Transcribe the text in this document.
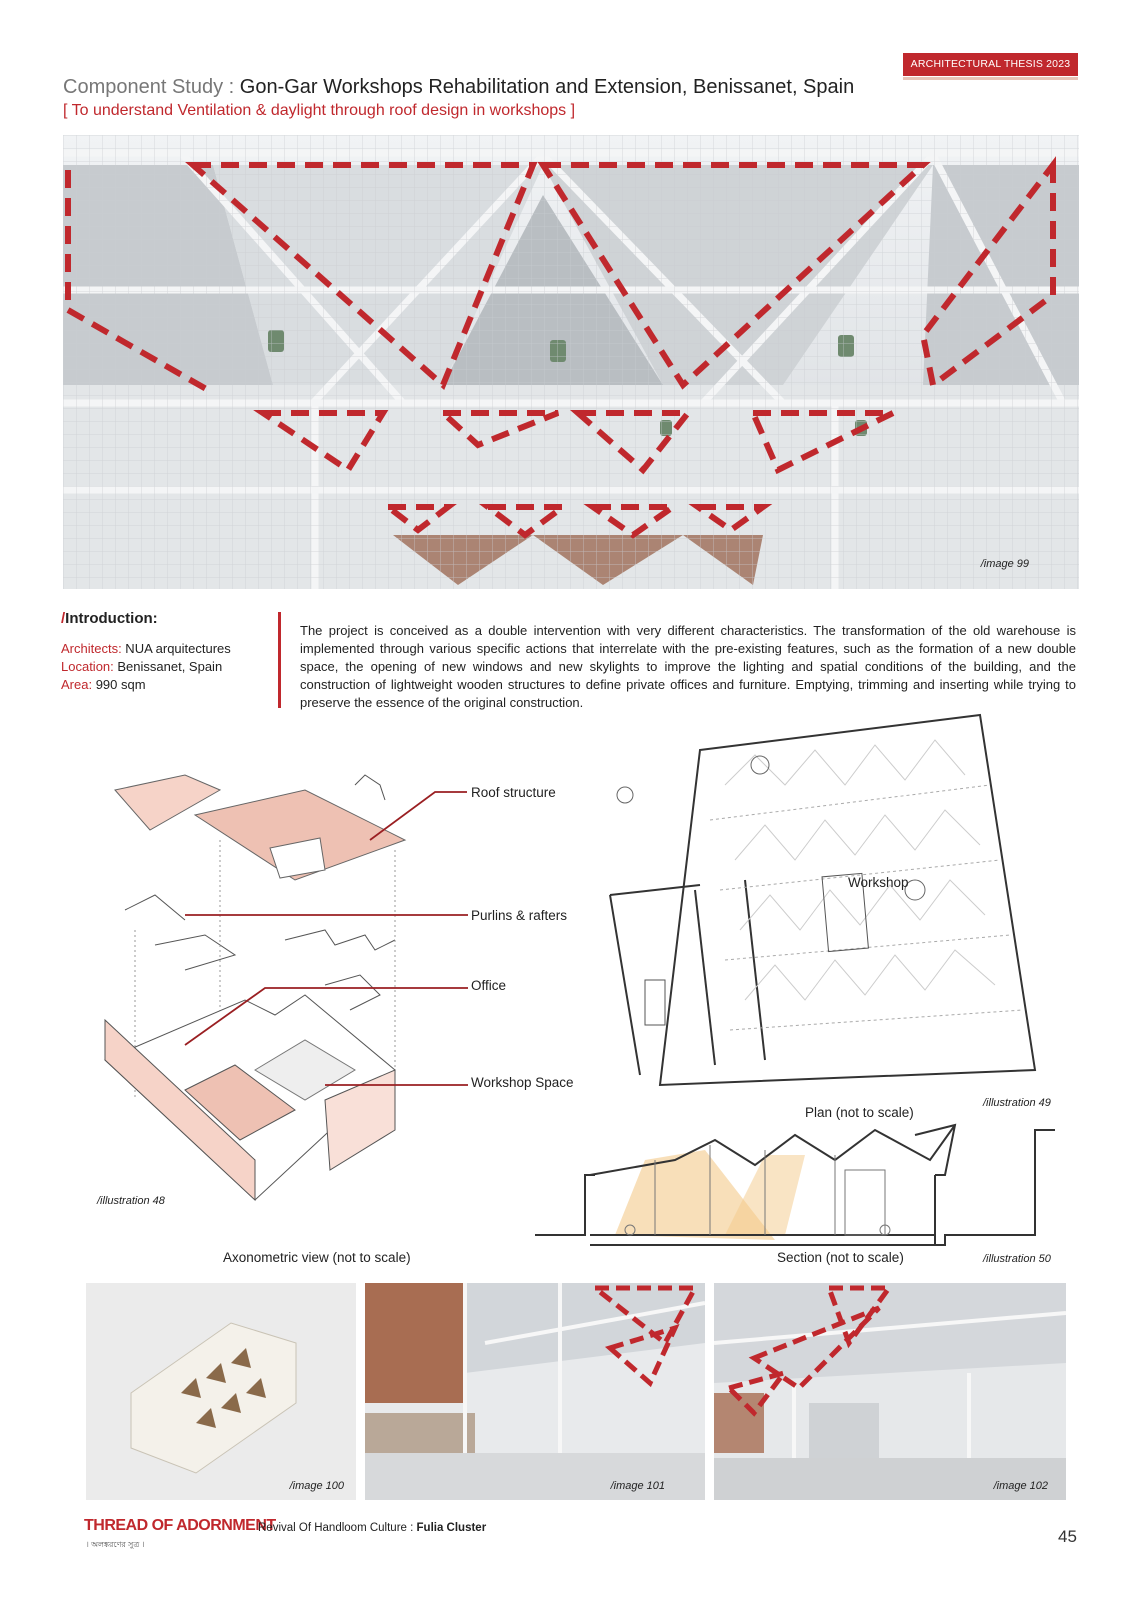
ARCHITECTURAL THESIS 2023
Component Study : Gon-Gar Workshops Rehabilitation and Extension, Benissanet, Spain
[ To understand Ventilation & daylight through roof design in workshops ]
/image 99
/Introduction:
Architects: NUA arquitectures
Location: Benissanet, Spain
Area: 990 sqm
The project is conceived as a double intervention with very different characteristics. The transformation of the old warehouse is implemented through various specific actions that interrelate with the pre-existing features, such as the formation of a new double space, the opening of new windows and new skylights to improve the lighting and spatial conditions of the building, and the construction of lightweight wooden structures to define private offices and furniture. Emptying, trimming and inserting while trying to preserve the essence of the original construction.
Roof structure
Purlins & rafters
Office
Workshop Space
/illustration 48
Axonometric view (not to scale)
Workshop
/illustration 49
Plan (not to scale)
Section (not to scale)	/illustration 50
/image 100	/image 101	/image 102
THREAD OF ADORNMENT
। অলঙ্করণের সুত্র ।
Revival Of Handloom Culture : Fulia Cluster	45
